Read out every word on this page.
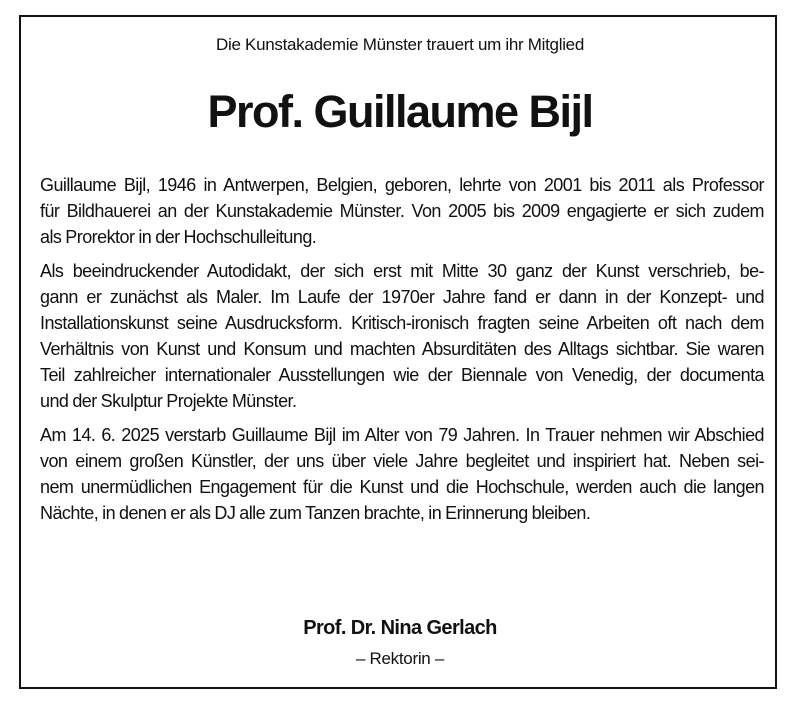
Die Kunstakademie Münster trauert um ihr Mitglied
Prof. Guillaume Bijl
Guillaume Bijl, 1946 in Antwerpen, Belgien, geboren, lehrte von 2001 bis 2011 als Professor
für Bildhauerei an der Kunstakademie Münster. Von 2005 bis 2009 engagierte er sich zudem
als Prorektor in der Hochschulleitung.
Als beeindruckender Autodidakt, der sich erst mit Mitte 30 ganz der Kunst verschrieb, be-
gann er zunächst als Maler. Im Laufe der 1970er Jahre fand er dann in der Konzept- und
Installationskunst seine Ausdrucksform. Kritisch-ironisch fragten seine Arbeiten oft nach dem
Verhältnis von Kunst und Konsum und machten Absurditäten des Alltags sichtbar. Sie waren
Teil zahlreicher internationaler Ausstellungen wie der Biennale von Venedig, der documenta
und der Skulptur Projekte Münster.
Am 14. 6. 2025 verstarb Guillaume Bijl im Alter von 79 Jahren. In Trauer nehmen wir Abschied
von einem großen Künstler, der uns über viele Jahre begleitet und inspiriert hat. Neben sei-
nem unermüdlichen Engagement für die Kunst und die Hochschule, werden auch die langen
Nächte, in denen er als DJ alle zum Tanzen brachte, in Erinnerung bleiben.
Prof. Dr. Nina Gerlach
– Rektorin –
